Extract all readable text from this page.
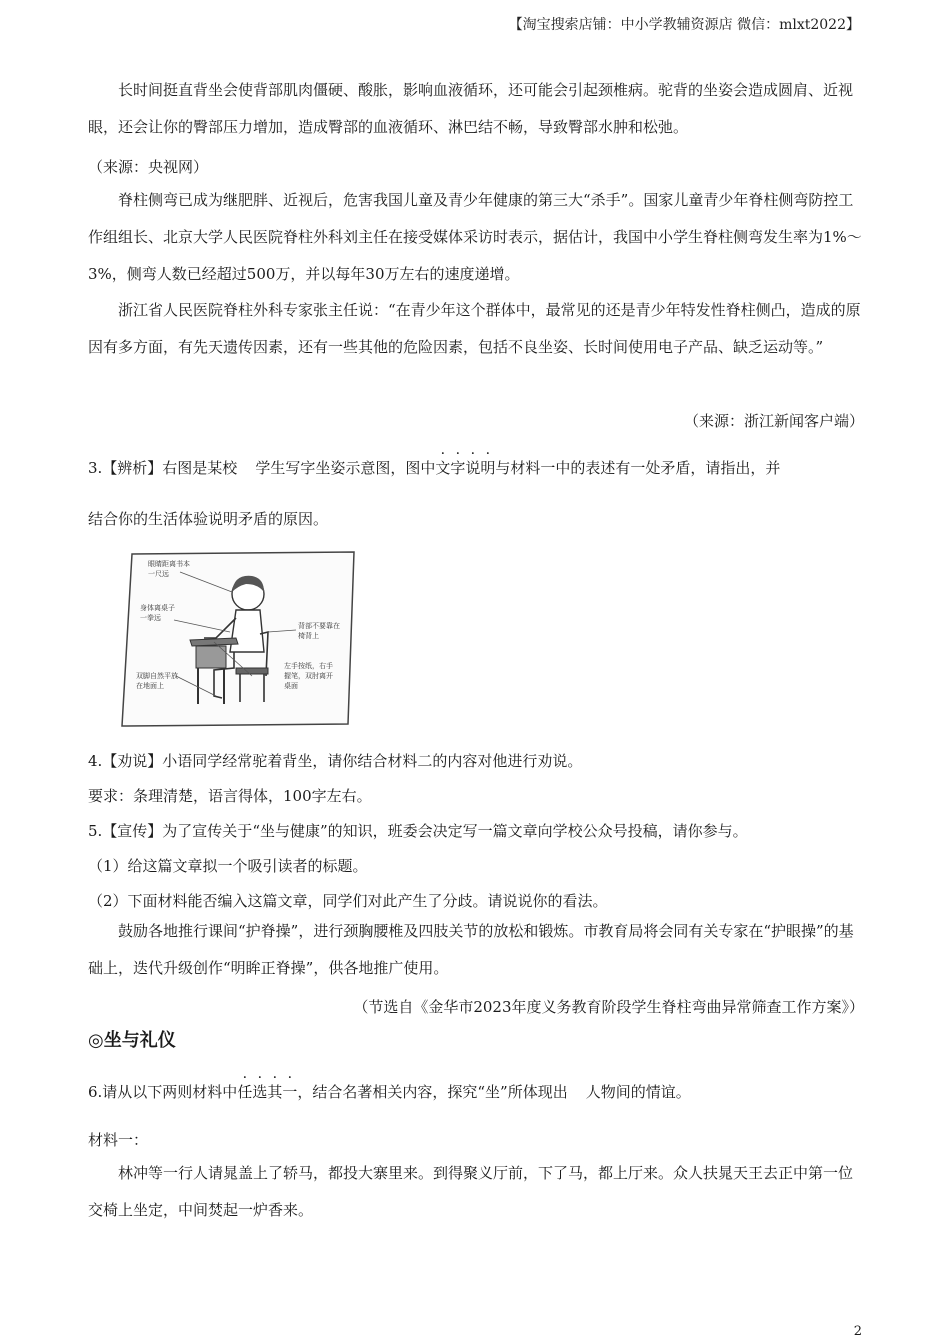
【淘宝搜索店铺：中小学教辅资源店 微信：mlxt2022】

长时间挺直背坐会使背部肌肉僵硬、酸胀，影响血液循环，还可能会引起颈椎病。驼背的坐姿会造成圆肩、近视眼，还会让你的臀部压力增加，造成臀部的血液循环、淋巴结不畅，导致臀部水肿和松弛。

（来源：央视网）

脊柱侧弯已成为继肥胖、近视后，危害我国儿童及青少年健康的第三大“杀手”。国家儿童青少年脊柱侧弯防控工作组组长、北京大学人民医院脊柱外科刘主任在接受媒体采访时表示，据估计，我国中小学生脊柱侧弯发生率为1%～3%，侧弯人数已经超过500万，并以每年30万左右的速度递增。

浙江省人民医院脊柱外科专家张主任说：“在青少年这个群体中，最常见的还是青少年特发性脊柱侧凸，造成的原因有多方面，有先天遗传因素，还有一些其他的危险因素，包括不良坐姿、长时间使用电子产品、缺乏运动等。”

（来源：浙江新闻客户端）
3.【辨析】右图是某校 学生写字坐姿示意图，图中文字说明与材料一中的表述有一处矛盾，请指出，并
结合你的生活体验说明矛盾的原因。
眼睛距离书本
一尺远
身体离桌子
一拳远
背部不要靠在
椅背上
双脚自然平放
在地面上
左手按纸，右手
握笔，双肘离开
桌面
4.【劝说】小语同学经常驼着背坐，请你结合材料二的内容对他进行劝说。
要求：条理清楚，语言得体，100字左右。
5.【宣传】为了宣传关于“坐与健康”的知识，班委会决定写一篇文章向学校公众号投稿，请你参与。
（1）给这篇文章拟一个吸引读者的标题。
（2）下面材料能否编入这篇文章，同学们对此产生了分歧。请说说你的看法。

鼓励各地推行课间“护脊操”，进行颈胸腰椎及四肢关节的放松和锻炼。市教育局将会同有关专家在“护眼操”的基础上，迭代升级创作“明眸正脊操”，供各地推广使用。

（节选自《金华市2023年度义务教育阶段学生脊柱弯曲异常筛查工作方案》）
◎坐与礼仪
6.请从以下两则材料中任选其一，结合名著相关内容，探究“坐”所体现出 人物间的情谊。
材料一：

林冲等一行人请晁盖上了轿马，都投大寨里来。到得聚义厅前，下了马，都上厅来。众人扶晁天王去正中第一位交椅上坐 ·定，中间焚起一炉香来。

2
